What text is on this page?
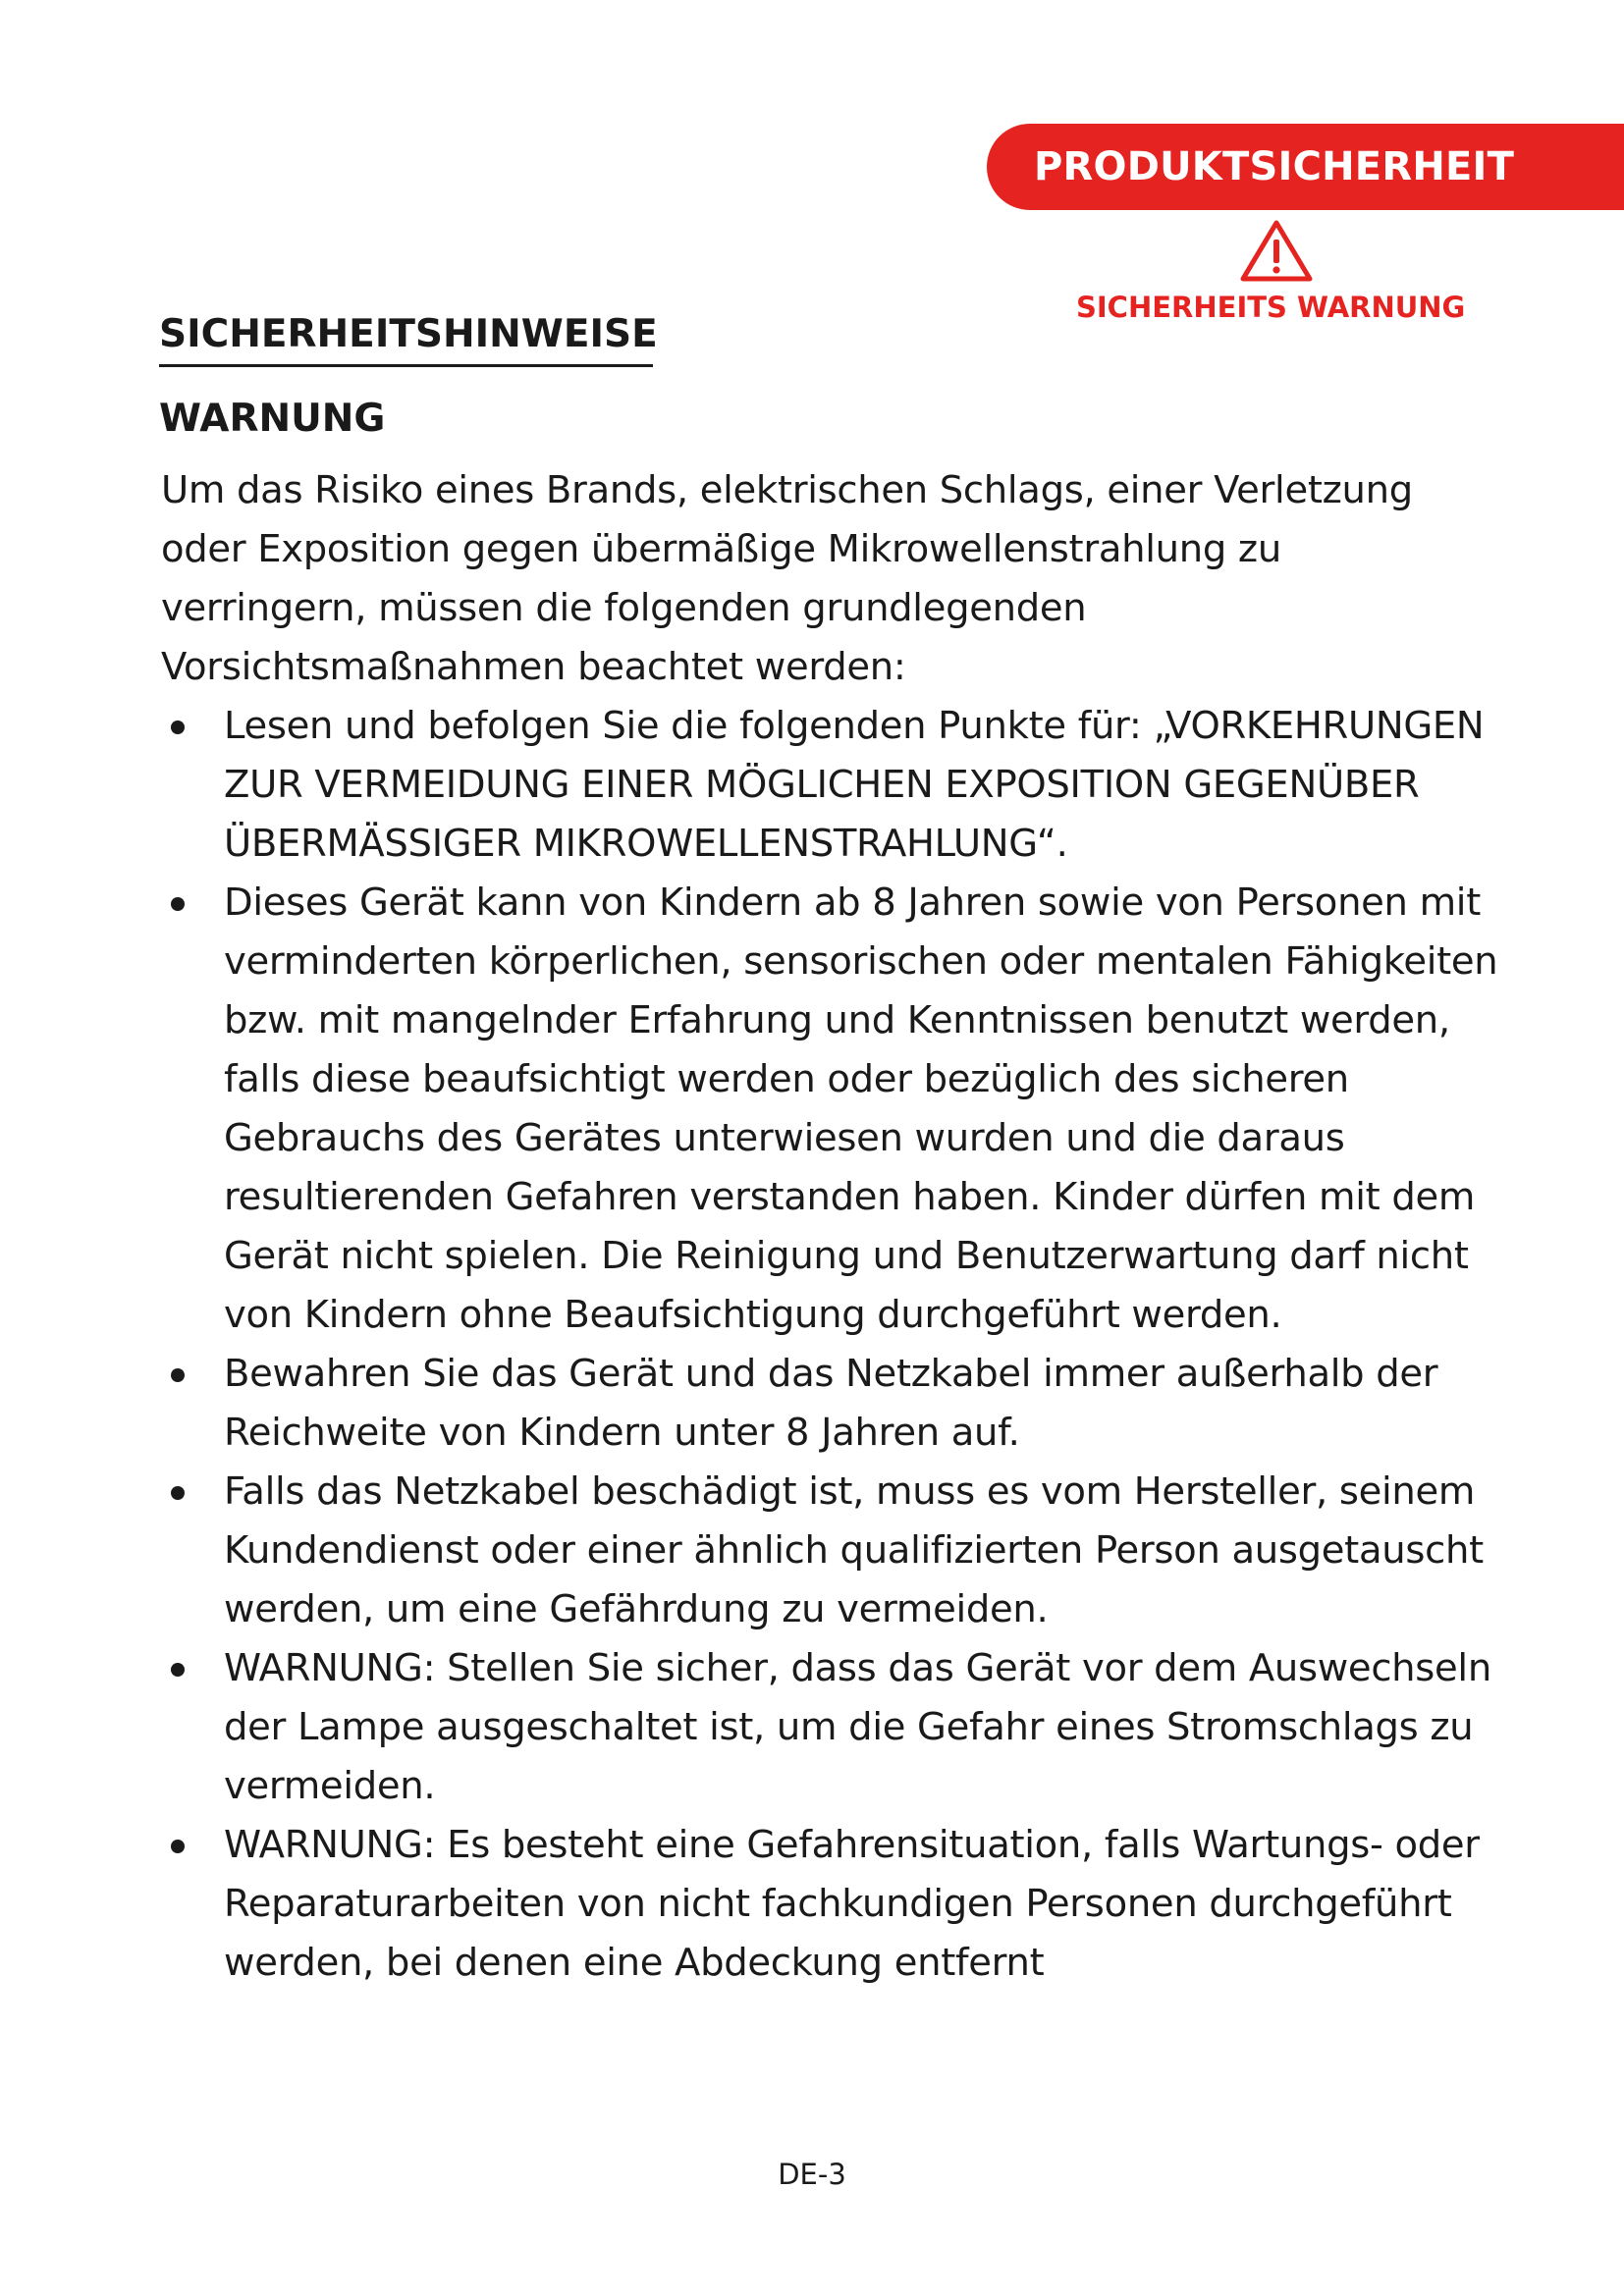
PRODUKTSICHERHEIT
SICHERHEITS WARNUNG
SICHERHEITSHINWEISE
WARNUNG

Um das Risiko eines Brands, elektrischen Schlags, einer Verletzung oder Exposition gegen übermäßige Mikrowellenstrahlung zu verringern, müssen die folgenden grundlegenden Vorsichtsmaßnahmen beachtet werden:

Lesen und befolgen Sie die folgenden Punkte für: „VORKEHRUNGEN ZUR VERMEIDUNG EINER MÖGLICHEN EXPOSITION GEGENÜBER ÜBERMÄSSIGER MIKROWELLENSTRAHLUNG“.
Dieses Gerät kann von Kindern ab 8 Jahren sowie von Personen mit verminderten körperlichen, sensorischen oder mentalen Fähigkeiten bzw. mit mangelnder Erfahrung und Kenntnissen benutzt werden, falls diese beaufsichtigt werden oder bezüglich des sicheren Gebrauchs des Gerätes unterwiesen wurden und die daraus resultierenden Gefahren verstanden haben. Kinder dürfen mit dem Gerät nicht spielen. Die Reinigung und Benutzerwartung darf nicht von Kindern ohne Beaufsichtigung durchgeführt werden.
Bewahren Sie das Gerät und das Netzkabel immer außerhalb der Reichweite von Kindern unter 8 Jahren auf.
Falls das Netzkabel beschädigt ist, muss es vom Hersteller, seinem Kundendienst oder einer ähnlich qualifizierten Person ausgetauscht werden, um eine Gefährdung zu vermeiden.
WARNUNG: Stellen Sie sicher, dass das Gerät vor dem Auswechseln der Lampe ausgeschaltet ist, um die Gefahr eines Stromschlags zu vermeiden.
WARNUNG: Es besteht eine Gefahrensituation, falls Wartungs- oder Reparaturarbeiten von nicht fachkundigen Personen durchgeführt werden, bei denen eine Abdeckung entfernt
DE-3
